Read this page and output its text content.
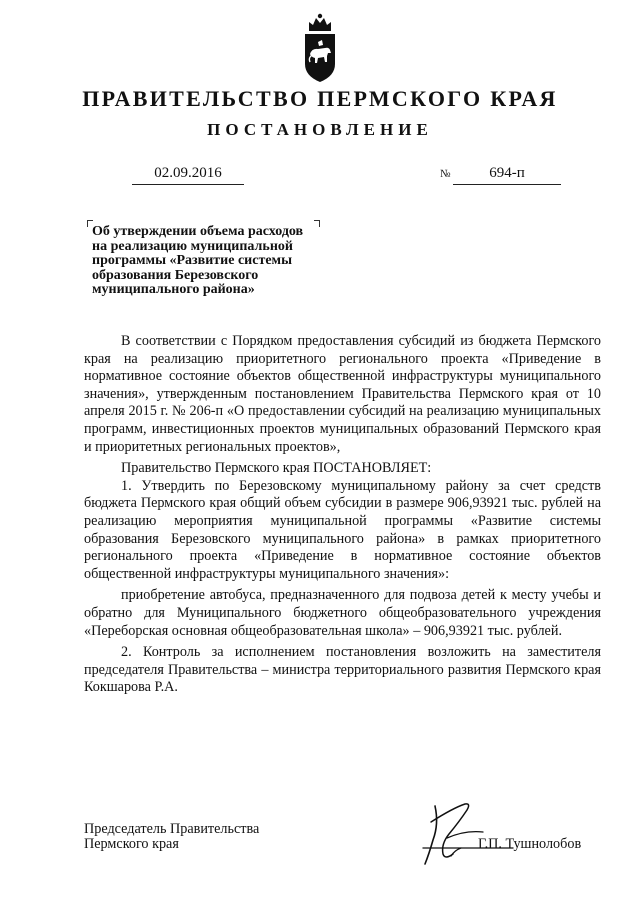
ПРАВИТЕЛЬСТВО ПЕРМСКОГО КРАЯ
ПОСТАНОВЛЕНИЕ
02.09.2016	№	694-п
Об утверждении объема расходов
на реализацию муниципальной
программы «Развитие системы
образования Березовского
муниципального района»

В соответствии с Порядком предоставления субсидий из бюджета Пермского края на реализацию приоритетного регионального проекта «Приведение в нормативное состояние объектов общественной инфраструктуры муниципального значения», утвержденным постановлением Правительства Пермского края от 10 апреля 2015 г. № 206-п «О предоставлении субсидий на реализацию муниципальных программ, инвестиционных проектов муниципальных образований Пермского края и приоритетных региональных проектов»,

Правительство Пермского края ПОСТАНОВЛЯЕТ:

1. Утвердить по Березовскому муниципальному району за счет средств бюджета Пермского края общий объем субсидии в размере 906,93921 тыс. рублей на реализацию мероприятия муниципальной программы «Развитие системы образования Березовского муниципального района» в рамках приоритетного регионального проекта «Приведение в нормативное состояние объектов общественной инфраструктуры муниципального значения»:

приобретение автобуса, предназначенного для подвоза детей к месту учебы и обратно для Муниципального бюджетного общеобразовательного учреждения «Переборская основная общеобразовательная школа» – 906,93921 тыс. рублей.

2. Контроль за исполнением постановления возложить на заместителя председателя Правительства – министра территориального развития Пермского края Кокшарова Р.А.

Председатель Правительства
Пермского края	Г.П. Тушнолобов
